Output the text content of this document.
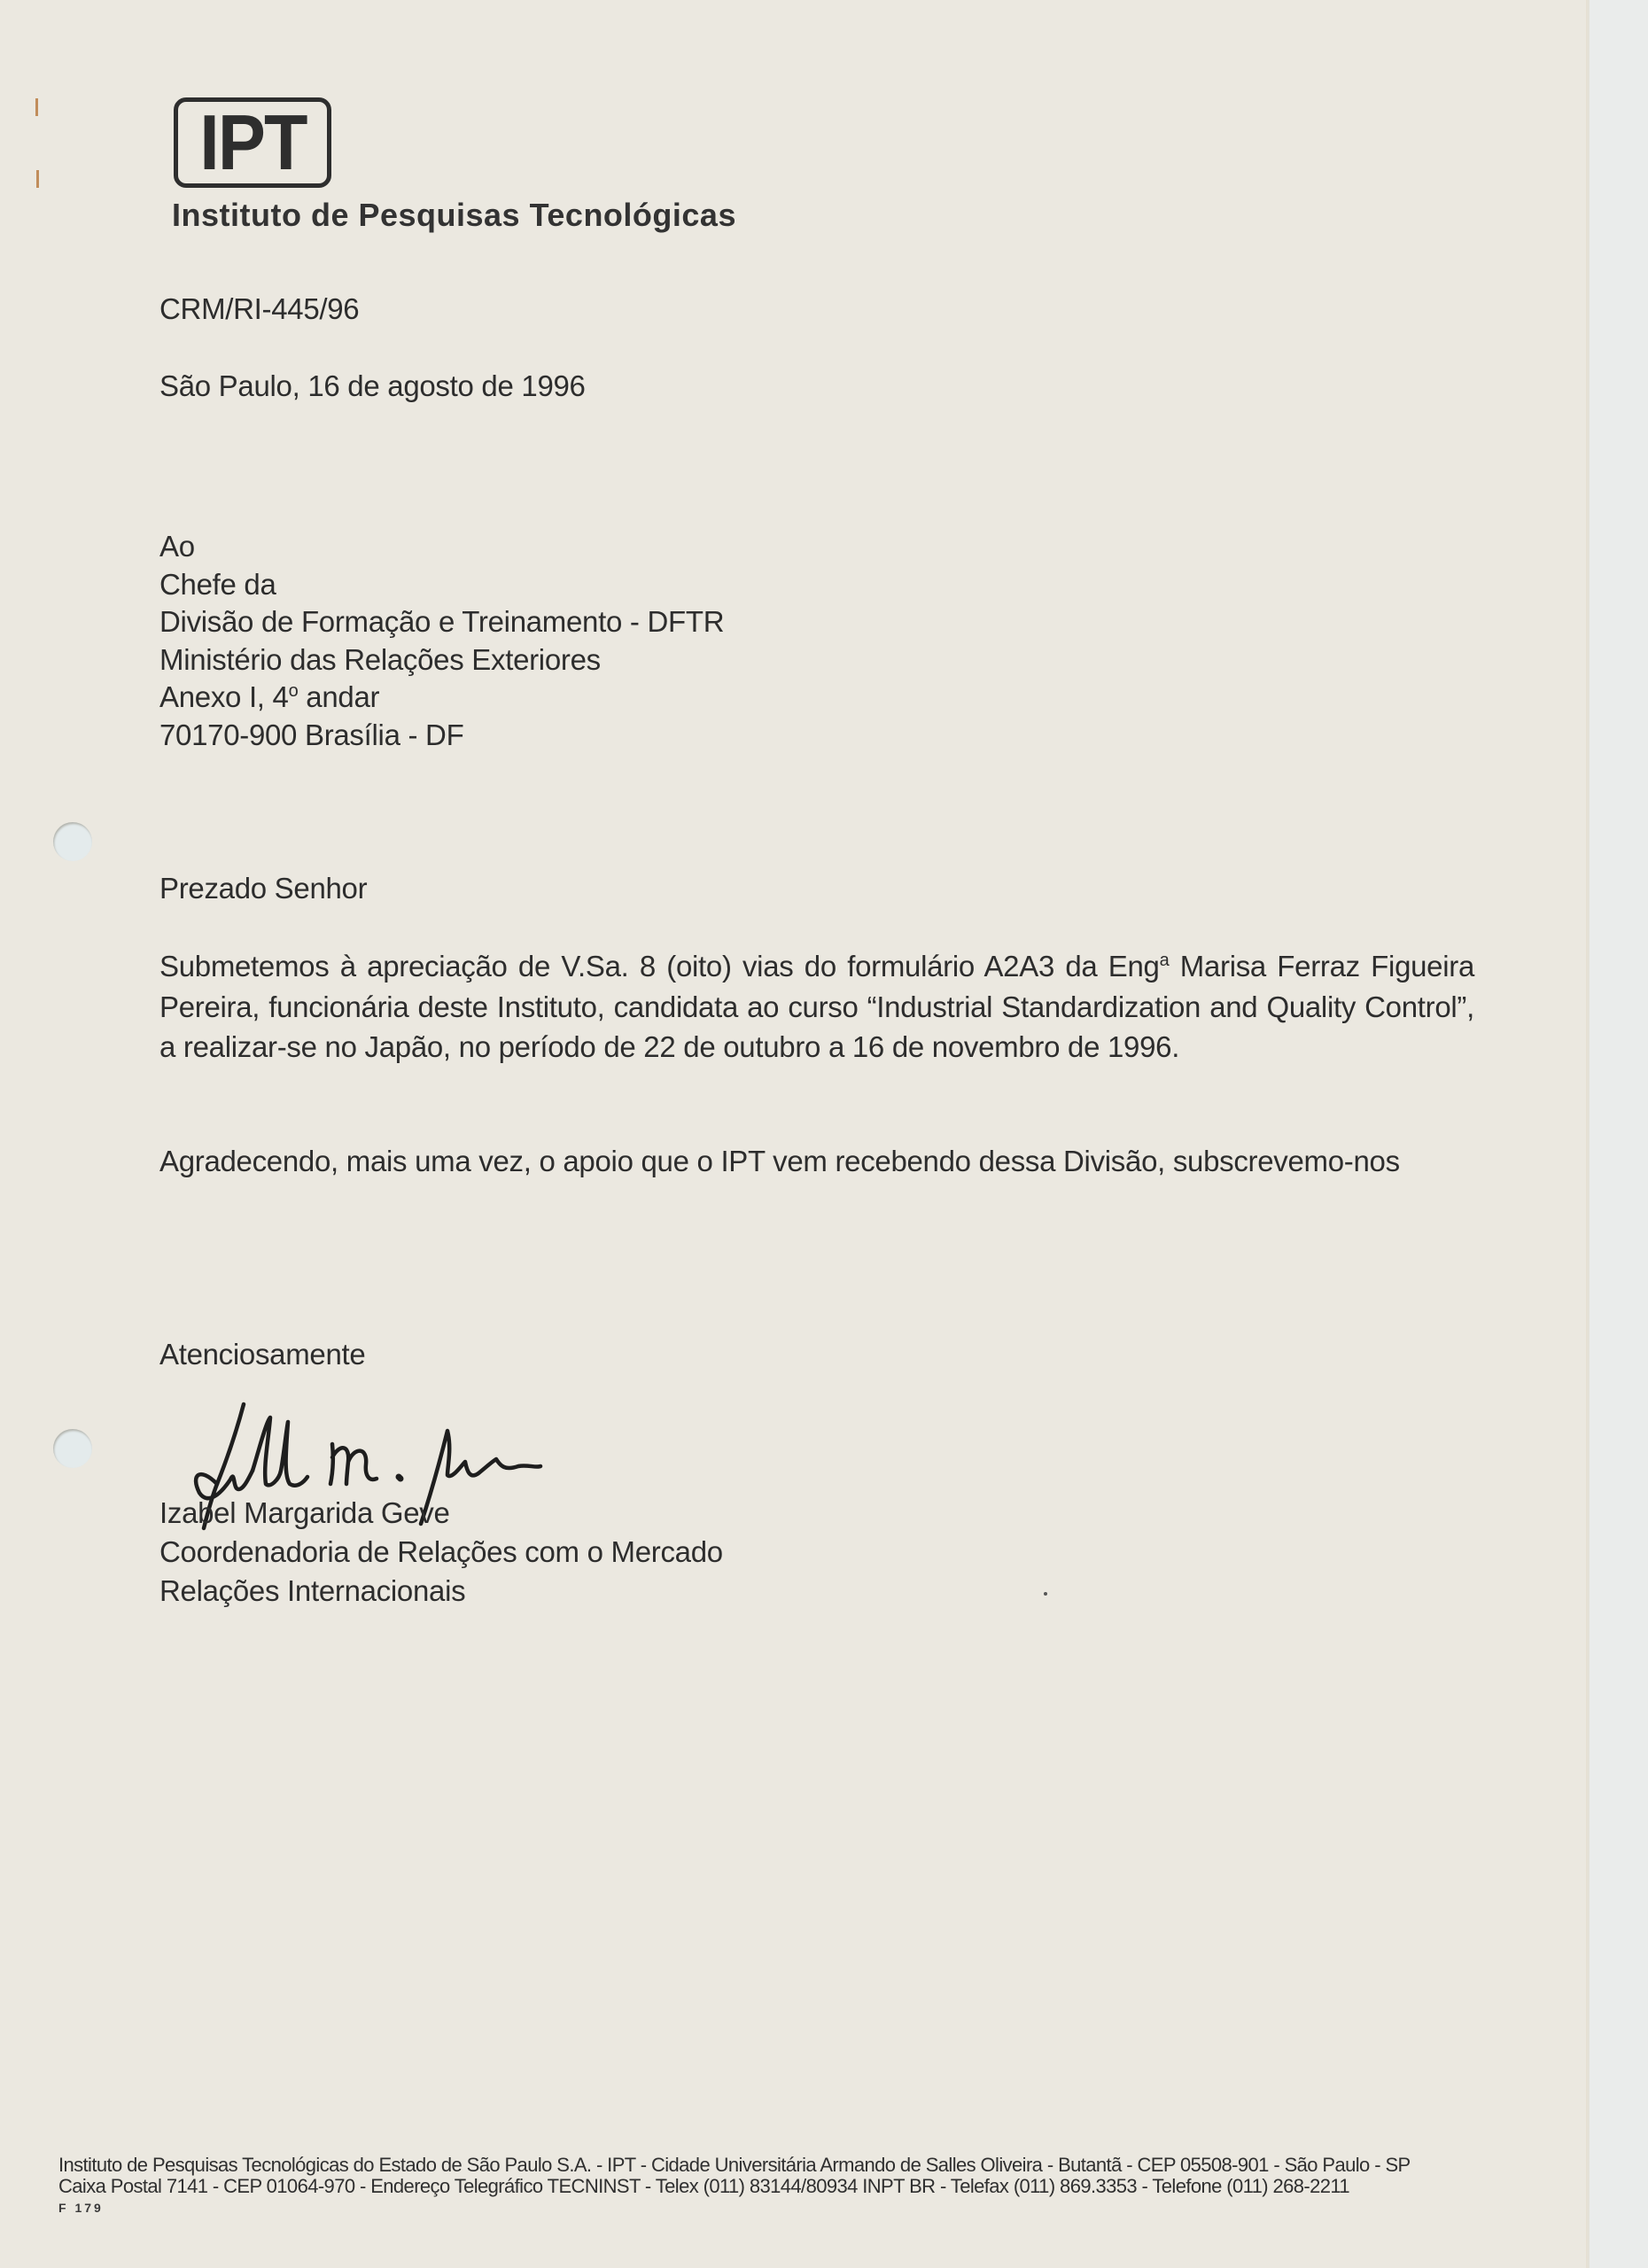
IPT
Instituto de Pesquisas Tecnológicas
CRM/RI-445/96
São Paulo, 16 de agosto de 1996
Ao
Chefe da
Divisão de Formação e Treinamento - DFTR
Ministério das Relações Exteriores
Anexo I, 4$^o$ andar
70170-900 Brasília - DF
Prezado Senhor
Submetemos à apreciação de V.Sa. 8 (oito) vias do formulário A2A3 da Eng$^a$ Marisa Ferraz Figueira Pereira, funcionária deste Instituto, candidata ao curso “Industrial Standardization and Quality Control”, a realizar-se no Japão, no período de 22 de outubro a 16 de novembro de 1996.
Agradecendo, mais uma vez, o apoio que o IPT vem recebendo dessa Divisão, subscrevemo-nos
Atenciosamente
Izabel Margarida Geve
Coordenadoria de Relações com o Mercado
Relações Internacionais
Instituto de Pesquisas Tecnológicas do Estado de São Paulo S.A. - IPT - Cidade Universitária Armando de Salles Oliveira - Butantã - CEP 05508-901 - São Paulo - SP
Caixa Postal 7141 - CEP 01064-970 - Endereço Telegráfico TECNINST - Telex (011) 83144/80934 INPT BR - Telefax (011) 869.3353 - Telefone (011) 268-2211
F 179
